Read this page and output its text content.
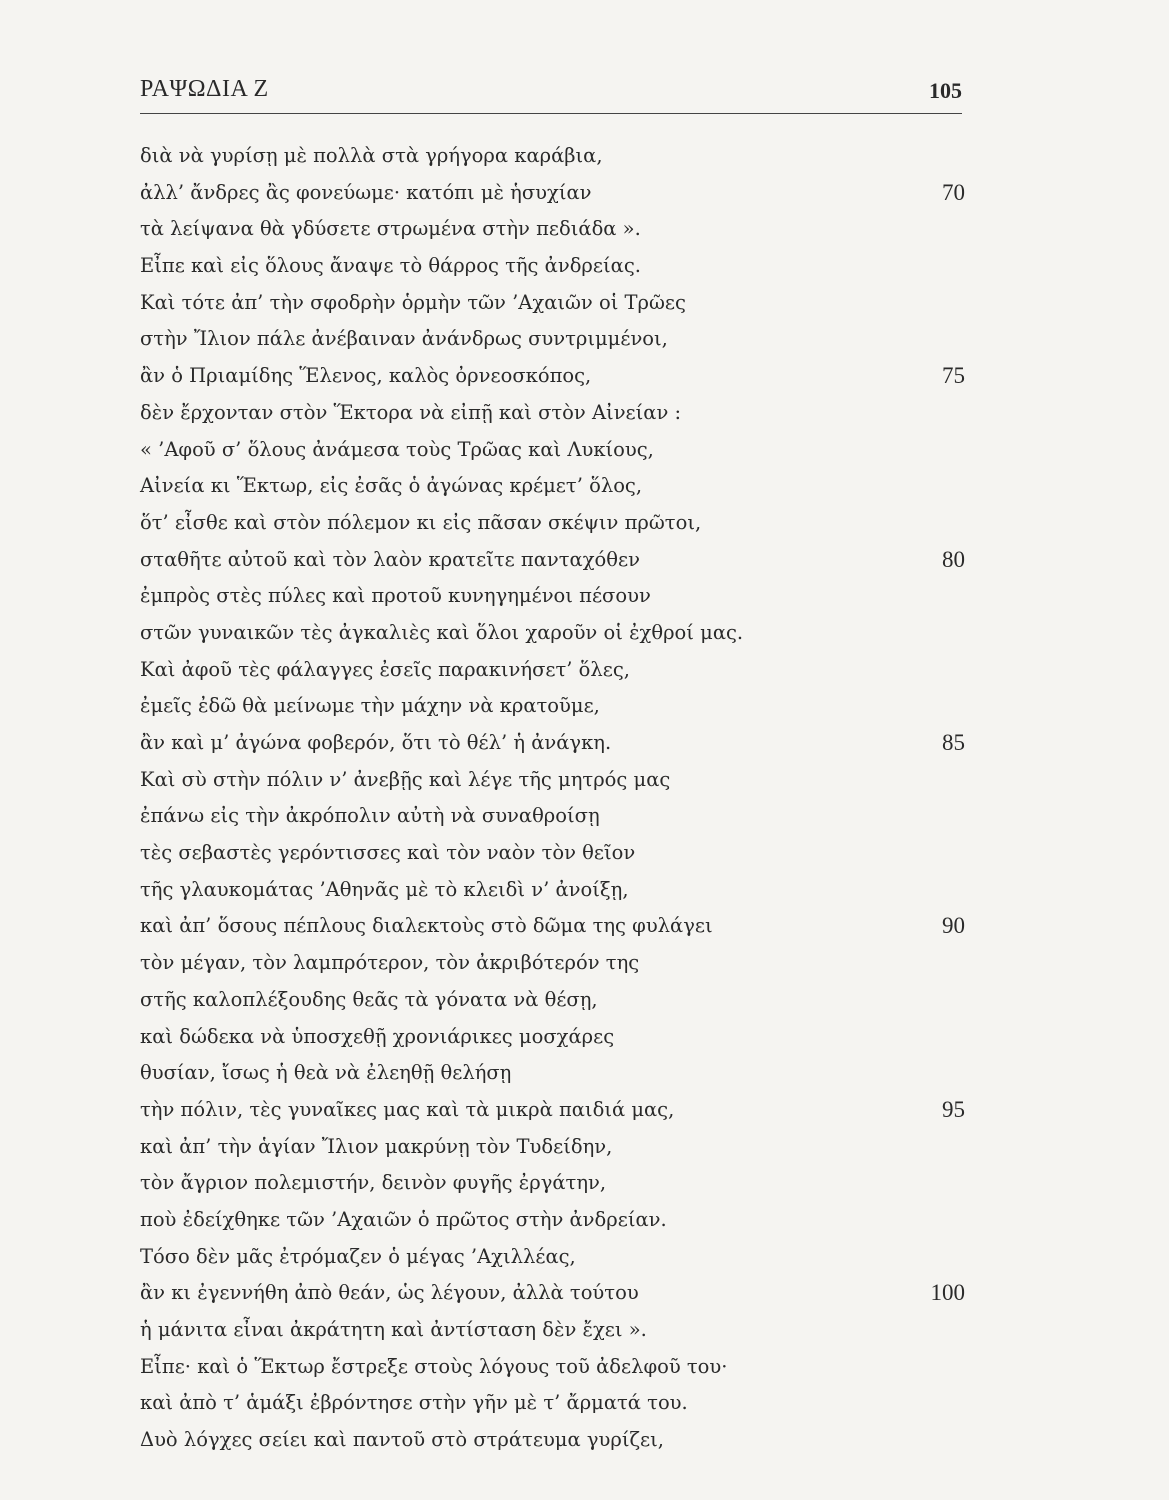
ΡΑΨΩΔΙΑ Ζ	105
διὰ νὰ γυρίσῃ μὲ πολλὰ στὰ γρήγορα καράβια,
ἀλλ’ ἄνδρες ἂς φονεύωμε· κατόπι μὲ ἡσυχίαν	70
τὰ λείψανα θὰ γδύσετε στρωμένα στὴν πεδιάδα ».
Εἶπε καὶ εἰς ὅλους ἄναψε τὸ θάρρος τῆς ἀνδρείας.
Καὶ τότε ἀπ’ τὴν σφοδρὴν ὁρμὴν τῶν ’Αχαιῶν οἱ Τρῶες
στὴν Ἴλιον πάλε ἀνέβαιναν ἀνάνδρως συντριμμένοι,
ἂν ὁ Πριαμίδης Ἕλενος, καλὸς ὀρνεοσκόπος,	75
δὲν ἔρχονταν στὸν Ἕκτορα νὰ εἰπῇ καὶ στὸν Αἰνείαν :
« ’Αφοῦ σ’ ὅλους ἀνάμεσα τοὺς Τρῶας καὶ Λυκίους,
Αἰνεία κι Ἕκτωρ, εἰς ἐσᾶς ὁ ἀγώνας κρέμετ’ ὅλος,
ὅτ’ εἶσθε καὶ στὸν πόλεμον κι εἰς πᾶσαν σκέψιν πρῶτοι,
σταθῆτε αὐτοῦ καὶ τὸν λαὸν κρατεῖτε πανταχόθεν	80
ἐμπρὸς στὲς πύλες καὶ προτοῦ κυνηγημένοι πέσουν
στῶν γυναικῶν τὲς ἀγκαλιὲς καὶ ὅλοι χαροῦν οἱ ἐχθροί μας.
Καὶ ἀφοῦ τὲς φάλαγγες ἐσεῖς παρακινήσετ’ ὅλες,
ἐμεῖς ἐδῶ θὰ μείνωμε τὴν μάχην νὰ κρατοῦμε,
ἂν καὶ μ’ ἀγώνα φοβερόν, ὅτι τὸ θέλ’ ἡ ἀνάγκη.	85
Καὶ σὺ στὴν πόλιν ν’ ἀνεβῇς καὶ λέγε τῆς μητρός μας
ἐπάνω εἰς τὴν ἀκρόπολιν αὐτὴ νὰ συναθροίσῃ
τὲς σεβαστὲς γερόντισσες καὶ τὸν ναὸν τὸν θεῖον
τῆς γλαυκομάτας ’Αθηνᾶς μὲ τὸ κλειδὶ ν’ ἀνοίξῃ,
καὶ ἀπ’ ὅσους πέπλους διαλεκτοὺς στὸ δῶμα της φυλάγει	90
τὸν μέγαν, τὸν λαμπρότερον, τὸν ἀκριβότερόν της
στῆς καλοπλέξουδης θεᾶς τὰ γόνατα νὰ θέσῃ,
καὶ δώδεκα νὰ ὑποσχεθῇ χρονιάρικες μοσχάρες
θυσίαν, ἴσως ἡ θεὰ νὰ ἐλεηθῇ θελήσῃ
τὴν πόλιν, τὲς γυναῖκες μας καὶ τὰ μικρὰ παιδιά μας,	95
καὶ ἀπ’ τὴν ἁγίαν Ἴλιον μακρύνῃ τὸν Τυδείδην,
τὸν ἄγριον πολεμιστήν, δεινὸν φυγῆς ἐργάτην,
ποὺ ἐδείχθηκε τῶν ’Αχαιῶν ὁ πρῶτος στὴν ἀνδρείαν.
Τόσο δὲν μᾶς ἐτρόμαζεν ὁ μέγας ’Αχιλλέας,
ἂν κι ἐγεννήθη ἀπὸ θεάν, ὡς λέγουν, ἀλλὰ τούτου	100
ἡ μάνιτα εἶναι ἀκράτητη καὶ ἀντίσταση δὲν ἔχει ».
Εἶπε· καὶ ὁ Ἕκτωρ ἔστρεξε στοὺς λόγους τοῦ ἀδελφοῦ του·
καὶ ἀπὸ τ’ ἁμάξι ἐβρόντησε στὴν γῆν μὲ τ’ ἄρματά του.
Δυὸ λόγχες σείει καὶ παντοῦ στὸ στράτευμα γυρίζει,
